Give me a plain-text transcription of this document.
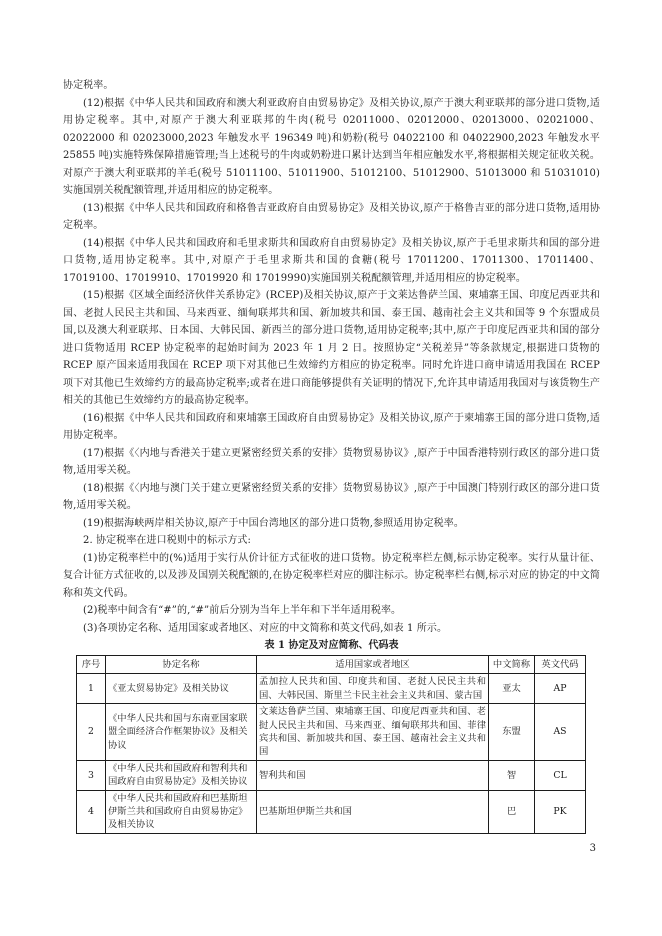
协定税率。

(12)根据《中华人民共和国政府和澳大利亚政府自由贸易协定》及相关协议,原产于澳大利亚联邦的部分进口货物,适用协定税率。其中,对原产于澳大利亚联邦的牛肉(税号 02011000、02012000、02013000、02021000、02022000 和 02023000,2023 年触发水平 196349 吨)和奶粉(税号 04022100 和 04022900,2023 年触发水平 25855 吨)实施特殊保障措施管理;当上述税号的牛肉或奶粉进口累计达到当年相应触发水平,将根据相关规定征收关税。对原产于澳大利亚联邦的羊毛(税号 51011100、51011900、51012100、51012900、51013000 和 51031010)实施国别关税配额管理,并适用相应的协定税率。

(13)根据《中华人民共和国政府和格鲁吉亚政府自由贸易协定》及相关协议,原产于格鲁吉亚的部分进口货物,适用协定税率。

(14)根据《中华人民共和国政府和毛里求斯共和国政府自由贸易协定》及相关协议,原产于毛里求斯共和国的部分进口货物,适用协定税率。其中,对原产于毛里求斯共和国的食糖(税号 17011200、17011300、17011400、17019100、17019910、17019920 和 17019990)实施国别关税配额管理,并适用相应的协定税率。

(15)根据《区域全面经济伙伴关系协定》(RCEP)及相关协议,原产于文莱达鲁萨兰国、柬埔寨王国、印度尼西亚共和国、老挝人民民主共和国、马来西亚、缅甸联邦共和国、新加坡共和国、泰王国、越南社会主义共和国等 9 个东盟成员国,以及澳大利亚联邦、日本国、大韩民国、新西兰的部分进口货物,适用协定税率;其中,原产于印度尼西亚共和国的部分进口货物适用 RCEP 协定税率的起始时间为 2023 年 1 月 2 日。按照协定“关税差异”等条款规定,根据进口货物的 RCEP 原产国来适用我国在 RCEP 项下对其他已生效缔约方相应的协定税率。同时允许进口商申请适用我国在 RCEP 项下对其他已生效缔约方的最高协定税率;或者在进口商能够提供有关证明的情况下,允许其申请适用我国对与该货物生产相关的其他已生效缔约方的最高协定税率。

(16)根据《中华人民共和国政府和柬埔寨王国政府自由贸易协定》及相关协议,原产于柬埔寨王国的部分进口货物,适用协定税率。

(17)根据《〈内地与香港关于建立更紧密经贸关系的安排〉货物贸易协议》,原产于中国香港特别行政区的部分进口货物,适用零关税。

(18)根据《〈内地与澳门关于建立更紧密经贸关系的安排〉货物贸易协议》,原产于中国澳门特别行政区的部分进口货物,适用零关税。

(19)根据海峡两岸相关协议,原产于中国台湾地区的部分进口货物,参照适用协定税率。

2. 协定税率在进口税则中的标示方式:

(1)协定税率栏中的(%)适用于实行从价计征方式征收的进口货物。协定税率栏左侧,标示协定税率。实行从量计征、复合计征方式征收的,以及涉及国别关税配额的,在协定税率栏对应的脚注标示。协定税率栏右侧,标示对应的协定的中文简称和英文代码。

(2)税率中间含有“#”的,“#”前后分别为当年上半年和下半年适用税率。

(3)各项协定名称、适用国家或者地区、对应的中文简称和英文代码,如表 1 所示。

表 1 协定及对应简称、代码表

序号	协定名称	适用国家或者地区	中文简称	英文代码
1	《亚太贸易协定》及相关协议	孟加拉人民共和国、印度共和国、老挝人民民主共和国、大韩民国、斯里兰卡民主社会主义共和国、蒙古国	亚太	AP
2	《中华人民共和国与东南亚国家联盟全面经济合作框架协议》及相关协议	文莱达鲁萨兰国、柬埔寨王国、印度尼西亚共和国、老挝人民民主共和国、马来西亚、缅甸联邦共和国、菲律宾共和国、新加坡共和国、泰王国、越南社会主义共和国	东盟	AS
3	《中华人民共和国政府和智利共和国政府自由贸易协定》及相关协议	智利共和国	智	CL
4	《中华人民共和国政府和巴基斯坦伊斯兰共和国政府自由贸易协定》及相关协议	巴基斯坦伊斯兰共和国	巴	PK
3
